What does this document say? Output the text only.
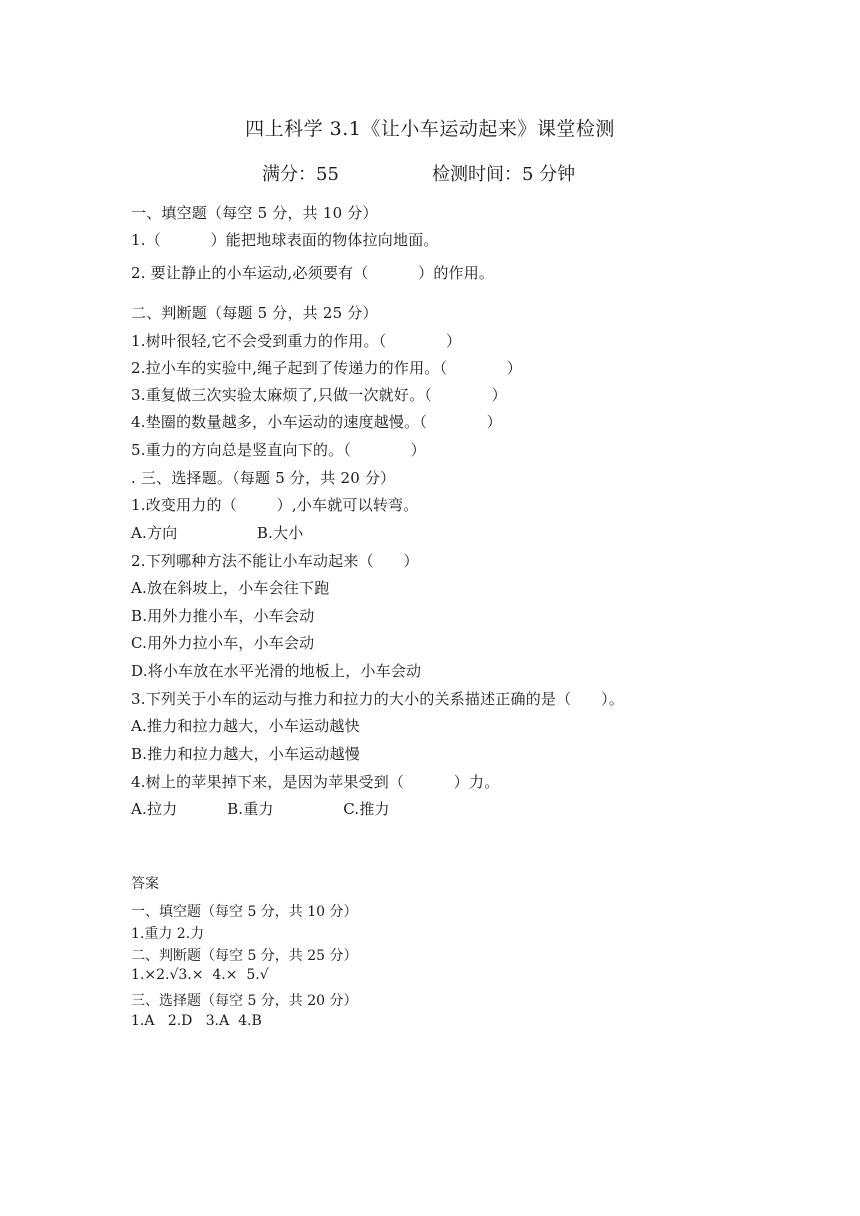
四上科学 3.1《让小车运动起来》课堂检测
满分：55	检测时间：5 分钟
一、填空题（每空 5 分，共 10 分）
1.（          ）能把地球表面的物体拉向地面。
2. 要让静止的小车运动,必须要有（          ）的作用。
二、判断题（每题 5 分，共 25 分）
1.树叶很轻,它不会受到重力的作用。（            ）
2.拉小车的实验中,绳子起到了传递力的作用。（            ）
3.重复做三次实验太麻烦了,只做一次就好。（            ）
4.垫圈的数量越多，小车运动的速度越慢。（            ）
5.重力的方向总是竖直向下的。（            ）
. 三、选择题。（每题 5 分，共 20 分）
1.改变用力的（        ）,小车就可以转弯。
A.方向                B.大小
2.下列哪种方法不能让小车动起来（      ）
A.放在斜坡上，小车会往下跑
B.用外力推小车，小车会动
C.用外力拉小车，小车会动
D.将小车放在水平光滑的地板上，小车会动
3.下列关于小车的运动与推力和拉力的大小的关系描述正确的是（      ）。
A.推力和拉力越大，小车运动越快
B.推力和拉力越大，小车运动越慢
4.树上的苹果掉下来，是因为苹果受到（          ）力。
A.拉力          B.重力              C.推力
答案
一、填空题（每空 5 分，共 10 分）
1.重力 2.力
二、判断题（每空 5 分，共 25 分）
1.×2.√3.×  4.×  5.√
三、选择题（每空 5 分，共 20 分）
1.A   2.D   3.A  4.B
